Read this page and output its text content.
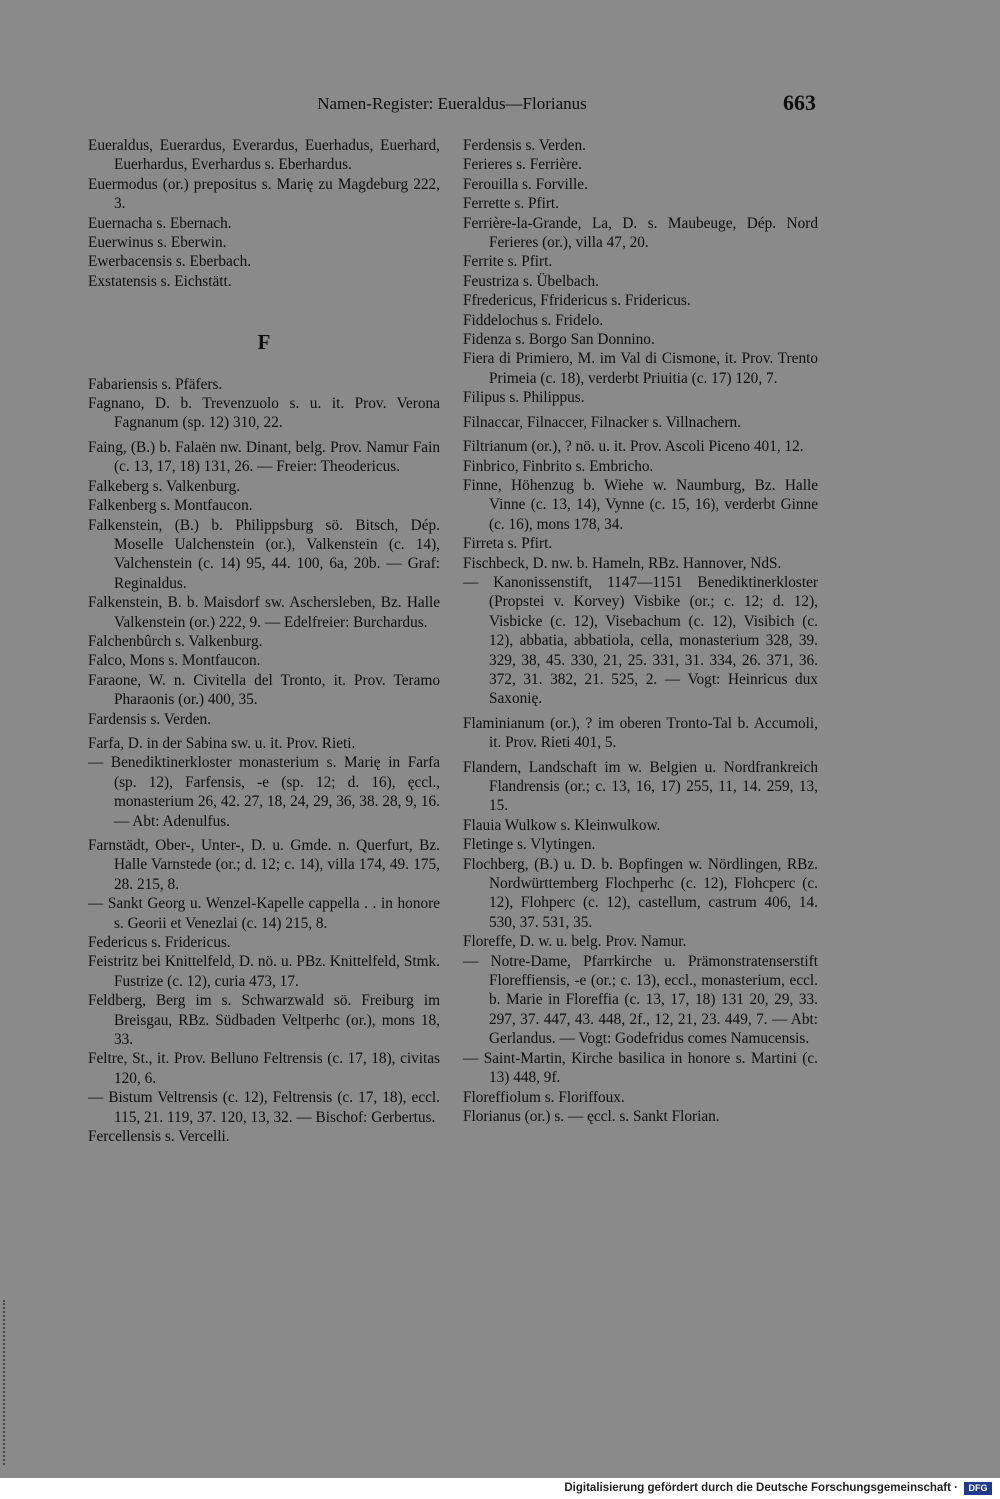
Namen-Register: Eueraldus—Florianus	663

Eueraldus, Euerardus, Everardus, Euerhadus, Euerhard, Euerhardus, Everhardus s. Eberhardus.

Euermodus (or.) prepositus s. Marię zu Magdeburg 222, 3.

Euernacha s. Ebernach.

Euerwinus s. Eberwin.

Ewerbacensis s. Eberbach.

Exstatensis s. Eichstätt.

F

Fabariensis s. Pfäfers.

Fagnano, D. b. Trevenzuolo s. u. it. Prov. Verona Fagnanum (sp. 12) 310, 22.

Faing, (B.) b. Falaën nw. Dinant, belg. Prov. Namur Fain (c. 13, 17, 18) 131, 26. — Freier: Theodericus.

Falkeberg s. Valkenburg.

Falkenberg s. Montfaucon.

Falkenstein, (B.) b. Philippsburg sö. Bitsch, Dép. Moselle Ualchenstein (or.), Valkenstein (c. 14), Valchenstein (c. 14) 95, 44. 100, 6a, 20b. — Graf: Reginaldus.

Falkenstein, B. b. Maisdorf sw. Aschersleben, Bz. Halle Valkenstein (or.) 222, 9. — Edelfreier: Burchardus.

Falchenbûrch s. Valkenburg.

Falco, Mons s. Montfaucon.

Faraone, W. n. Civitella del Tronto, it. Prov. Teramo Pharaonis (or.) 400, 35.

Fardensis s. Verden.

Farfa, D. in der Sabina sw. u. it. Prov. Rieti.

— Benediktinerkloster monasterium s. Marię in Farfa (sp. 12), Farfensis, -e (sp. 12; d. 16), ęccl., monasterium 26, 42. 27, 18, 24, 29, 36, 38. 28, 9, 16. — Abt: Adenulfus.

Farnstädt, Ober-, Unter-, D. u. Gmde. n. Querfurt, Bz. Halle Varnstede (or.; d. 12; c. 14), villa 174, 49. 175, 28. 215, 8.

— Sankt Georg u. Wenzel-Kapelle cappella . . in honore s. Georii et Venezlai (c. 14) 215, 8.

Federicus s. Fridericus.

Feistritz bei Knittelfeld, D. nö. u. PBz. Knittelfeld, Stmk. Fustrize (c. 12), curia 473, 17.

Feldberg, Berg im s. Schwarzwald sö. Freiburg im Breisgau, RBz. Südbaden Veltperhc (or.), mons 18, 33.

Feltre, St., it. Prov. Belluno Feltrensis (c. 17, 18), civitas 120, 6.

— Bistum Veltrensis (c. 12), Feltrensis (c. 17, 18), eccl. 115, 21. 119, 37. 120, 13, 32. — Bischof: Gerbertus.

Fercellensis s. Vercelli.

Ferdensis s. Verden.

Ferieres s. Ferrière.

Ferouilla s. Forville.

Ferrette s. Pfirt.

Ferrière-la-Grande, La, D. s. Maubeuge, Dép. Nord Ferieres (or.), villa 47, 20.

Ferrite s. Pfirt.

Feustriza s. Übelbach.

Ffredericus, Ffridericus s. Fridericus.

Fiddelochus s. Fridelo.

Fidenza s. Borgo San Donnino.

Fiera di Primiero, M. im Val di Cismone, it. Prov. Trento Primeia (c. 18), verderbt Priuitia (c. 17) 120, 7.

Filipus s. Philippus.

Filnaccar, Filnaccer, Filnacker s. Villnachern.

Filtrianum (or.), ? nö. u. it. Prov. Ascoli Piceno 401, 12.

Finbrico, Finbrito s. Embricho.

Finne, Höhenzug b. Wiehe w. Naumburg, Bz. Halle Vinne (c. 13, 14), Vynne (c. 15, 16), verderbt Ginne (c. 16), mons 178, 34.

Firreta s. Pfirt.

Fischbeck, D. nw. b. Hameln, RBz. Hannover, NdS.

— Kanonissenstift, 1147—1151 Benediktinerkloster (Propstei v. Korvey) Visbike (or.; c. 12; d. 12), Visbicke (c. 12), Visebachum (c. 12), Visibich (c. 12), abbatia, abbatiola, cella, monasterium 328, 39. 329, 38, 45. 330, 21, 25. 331, 31. 334, 26. 371, 36. 372, 31. 382, 21. 525, 2. — Vogt: Heinricus dux Saxonię.

Flaminianum (or.), ? im oberen Tronto-Tal b. Accumoli, it. Prov. Rieti 401, 5.

Flandern, Landschaft im w. Belgien u. Nordfrankreich Flandrensis (or.; c. 13, 16, 17) 255, 11, 14. 259, 13, 15.

Flauia Wulkow s. Kleinwulkow.

Fletinge s. Vlytingen.

Flochberg, (B.) u. D. b. Bopfingen w. Nördlingen, RBz. Nordwürttemberg Flochperhc (c. 12), Flohcperc (c. 12), Flohperc (c. 12), castellum, castrum 406, 14. 530, 37. 531, 35.

Floreffe, D. w. u. belg. Prov. Namur.

— Notre-Dame, Pfarrkirche u. Prämonstratenserstift Floreffiensis, -e (or.; c. 13), eccl., monasterium, eccl. b. Marie in Floreffia (c. 13, 17, 18) 131 20, 29, 33. 297, 37. 447, 43. 448, 2f., 12, 21, 23. 449, 7. — Abt: Gerlandus. — Vogt: Godefridus comes Namucensis.

— Saint-Martin, Kirche basilica in honore s. Martini (c. 13) 448, 9f.

Floreffiolum s. Floriffoux.

Florianus (or.) s. — ęccl. s. Sankt Florian.

Digitalisierung gefördert durch die Deutsche Forschungsgemeinschaft ·	DFG
